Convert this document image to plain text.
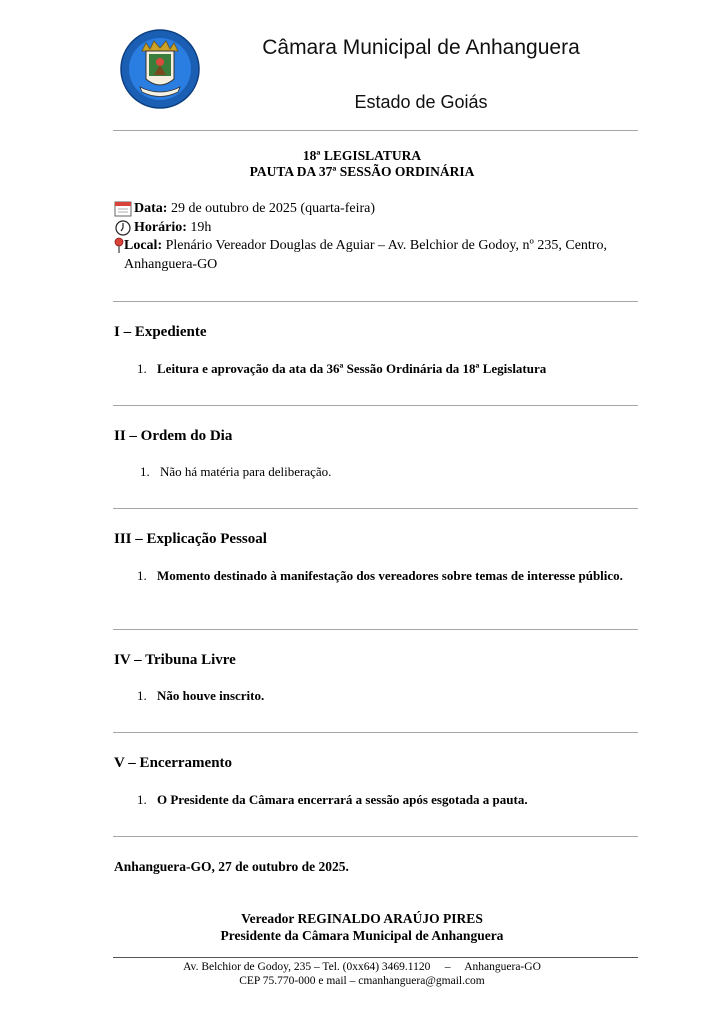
Câmara Municipal de Anhanguera
Estado de Goiás
18ª LEGISLATURA
PAUTA DA 37ª SESSÃO ORDINÁRIA
Data: 29 de outubro de 2025 (quarta-feira)
Horário: 19h
Local: Plenário Vereador Douglas de Aguiar – Av. Belchior de Godoy, nº 235, Centro, Anhanguera-GO
I – Expediente
1. Leitura e aprovação da ata da 36ª Sessão Ordinária da 18ª Legislatura
II – Ordem do Dia
1. Não há matéria para deliberação.
III – Explicação Pessoal
1. Momento destinado à manifestação dos vereadores sobre temas de interesse público.
IV – Tribuna Livre
1. Não houve inscrito.
V – Encerramento
1. O Presidente da Câmara encerrará a sessão após esgotada a pauta.
Anhanguera-GO, 27 de outubro de 2025.
Vereador REGINALDO ARAÚJO PIRES
Presidente da Câmara Municipal de Anhanguera
Av. Belchior de Godoy, 235 – Tel. (0xx64) 3469.1120     –     Anhanguera-GO
CEP 75.770-000 e mail – cmanhanguera@gmail.com
